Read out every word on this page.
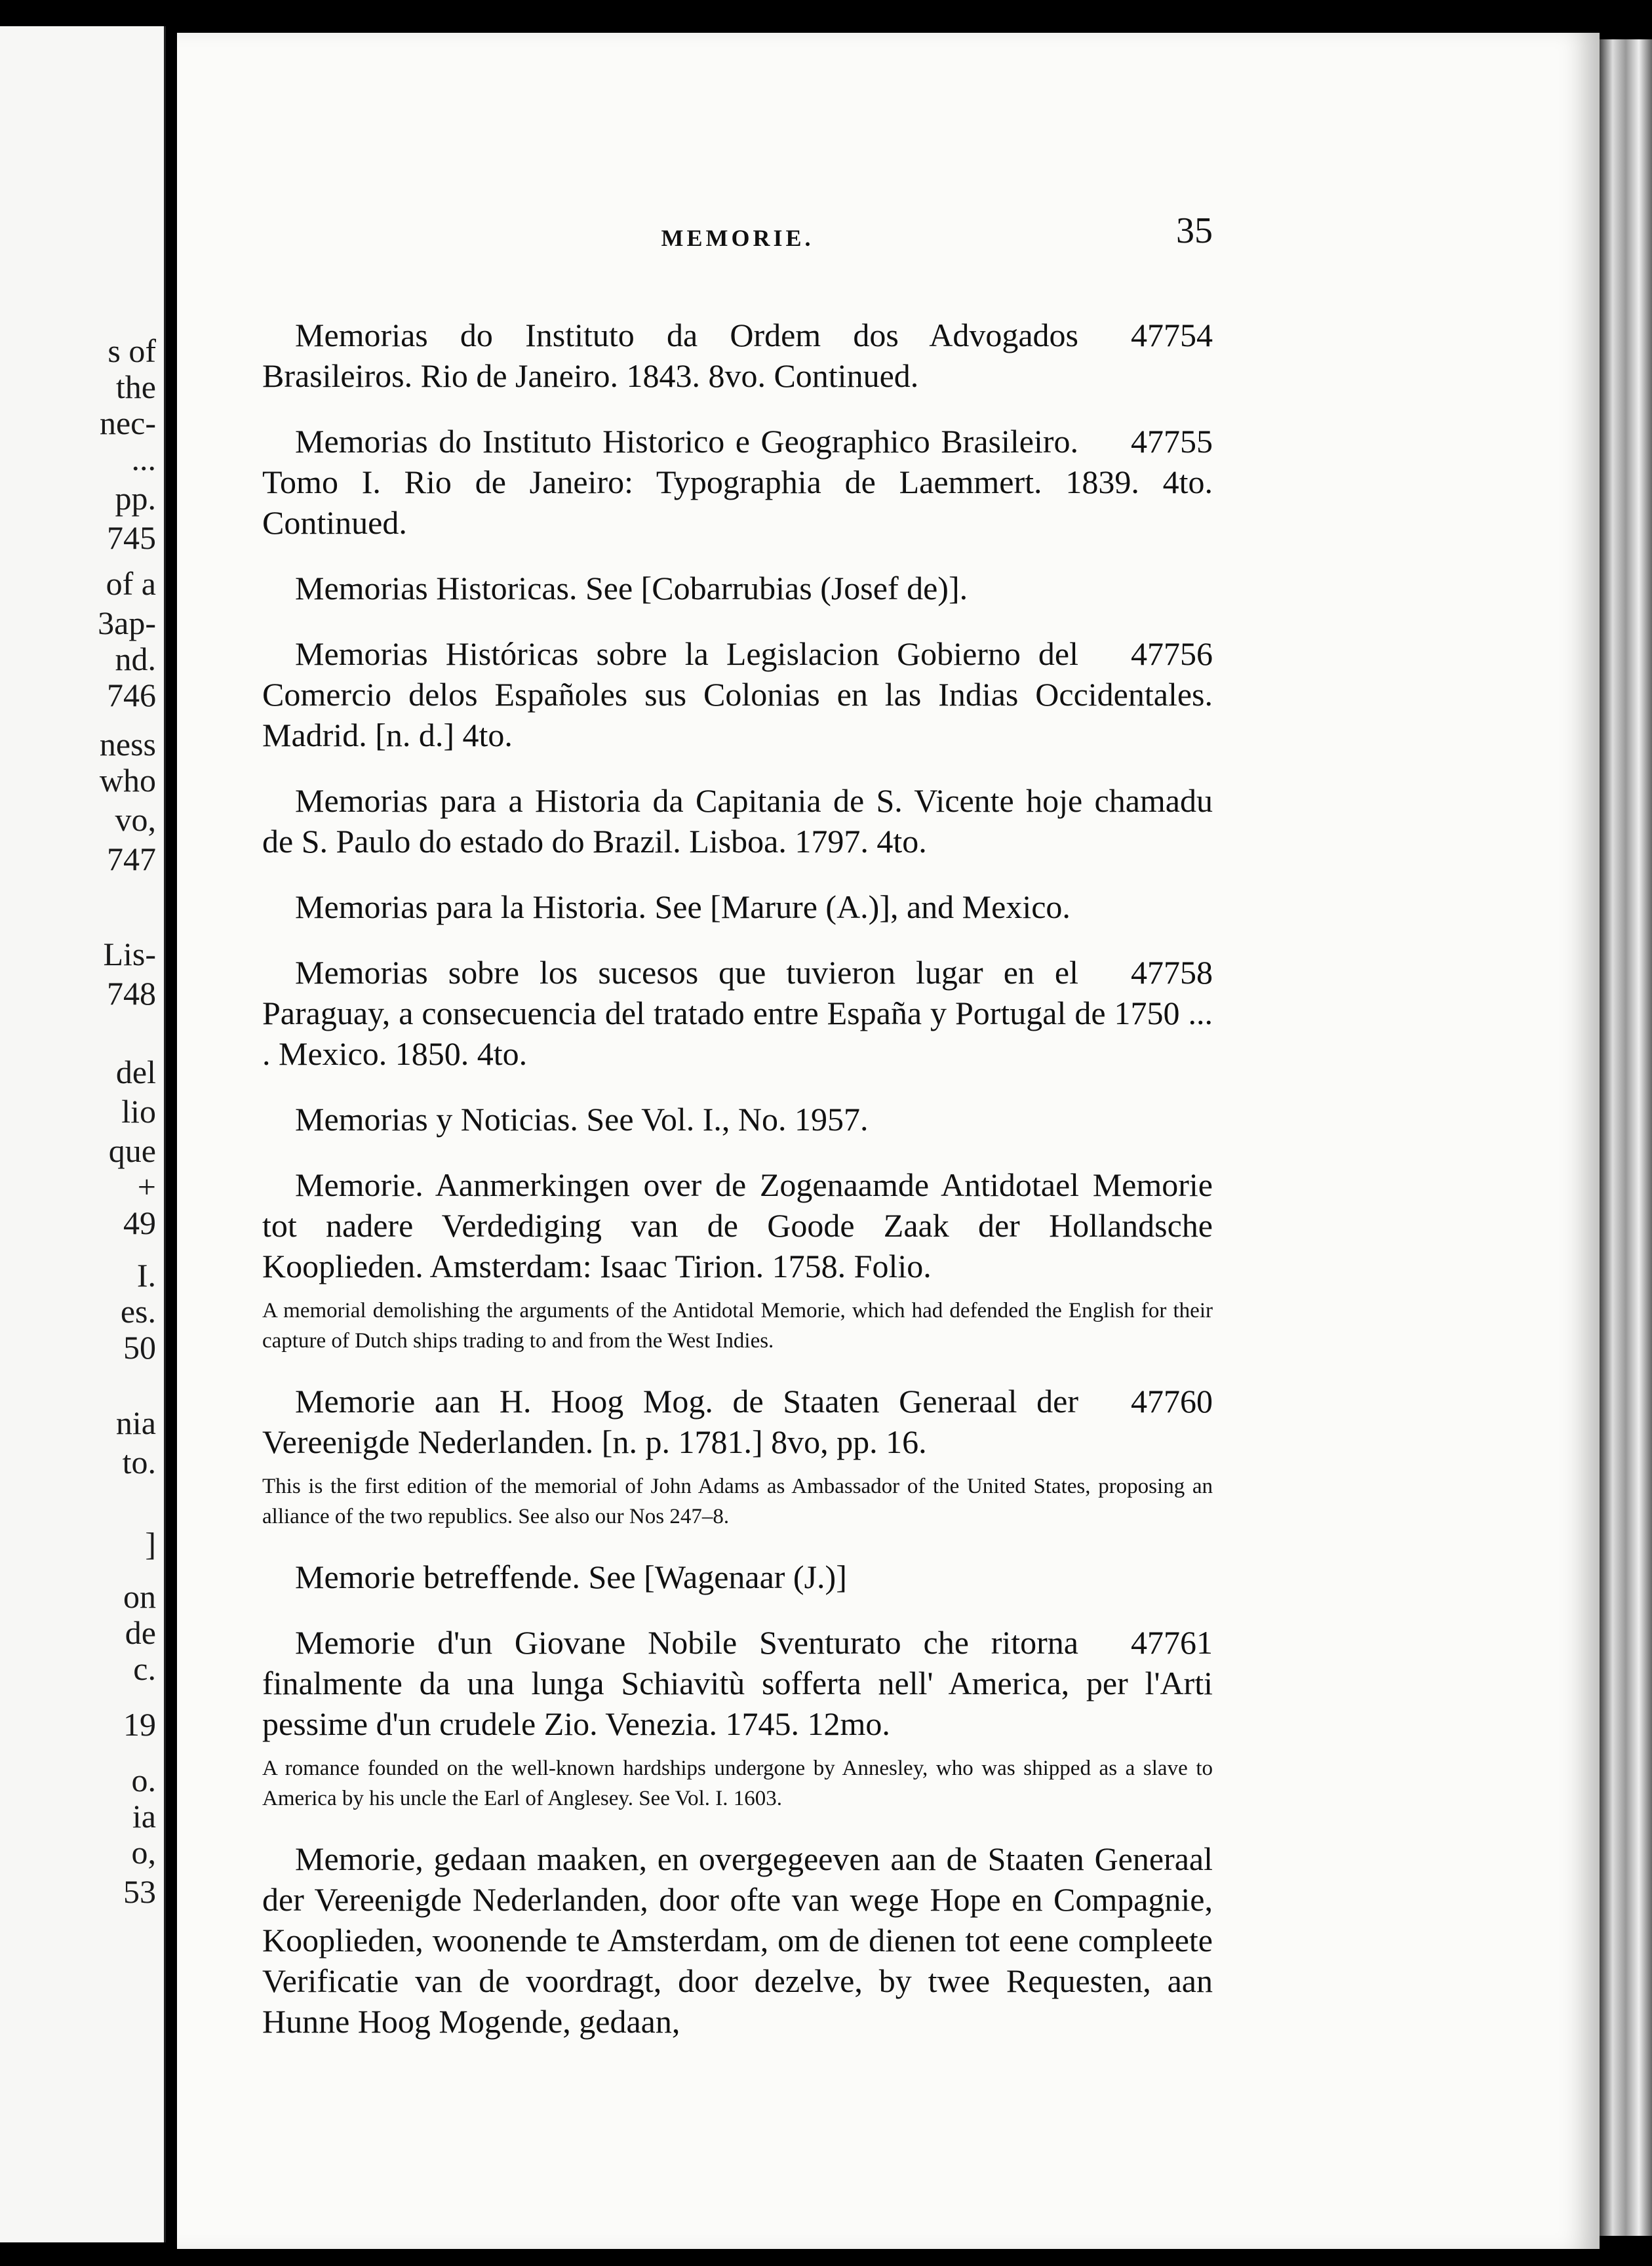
s of
the
nec-
...
pp.
745
of a
3ap-
nd.
746
ness
who
vo,
747
Lis-
748
del
lio
que
+
49
I.
es.
50
nia
to.
]
on
de
c.
19
o.
ia
o,
53
MEMORIE.	35

47754
Memorias do Instituto da Ordem dos Advogados Brasileiros. Rio de Janeiro. 1843. 8vo. Continued.

47755
Memorias do Instituto Historico e Geographico Brasileiro. Tomo I. Rio de Janeiro: Typographia de Laemmert. 1839. 4to. Continued.

Memorias Historicas. See [Cobarrubias (Josef de)].

47756
Memorias Históricas sobre la Legislacion Gobierno del Comercio delos Españoles sus Colonias en las Indias Occidentales. Madrid. [n. d.] 4to.

Memorias para a Historia da Capitania de S. Vicente hoje chamadu de S. Paulo do estado do Brazil. Lisboa. 1797. 4to.

Memorias para la Historia. See [Marure (A.)], and Mexico.

47758
Memorias sobre los sucesos que tuvieron lugar en el Paraguay, a consecuencia del tratado entre España y Portugal de 1750 ... . Mexico. 1850. 4to.

Memorias y Noticias. See Vol. I., No. 1957.

Memorie. Aanmerkingen over de Zogenaamde Antidotael Memorie tot nadere Verdediging van de Goode Zaak der Hollandsche Kooplieden. Amsterdam: Isaac Tirion. 1758. Folio.

A memorial demolishing the arguments of the Antidotal Memorie, which had defended the English for their capture of Dutch ships trading to and from the West Indies.

47760
Memorie aan H. Hoog Mog. de Staaten Generaal der Vereenigde Nederlanden. [n. p. 1781.] 8vo, pp. 16.

This is the first edition of the memorial of John Adams as Ambassador of the United States, proposing an alliance of the two republics. See also our Nos 247–8.

Memorie betreffende. See [Wagenaar (J.)]

47761
Memorie d'un Giovane Nobile Sventurato che ritorna finalmente da una lunga Schiavitù sofferta nell' America, per l'Arti pessime d'un crudele Zio. Venezia. 1745. 12mo.

A romance founded on the well-known hardships undergone by Annesley, who was shipped as a slave to America by his uncle the Earl of Anglesey. See Vol. I. 1603.

Memorie, gedaan maaken, en overgegeeven aan de Staaten Generaal der Vereenigde Nederlanden, door ofte van wege Hope en Compagnie, Kooplieden, woonende te Amsterdam, om de dienen tot eene compleete Verificatie van de voordragt, door dezelve, by twee Requesten, aan Hunne Hoog Mogende, gedaan,
